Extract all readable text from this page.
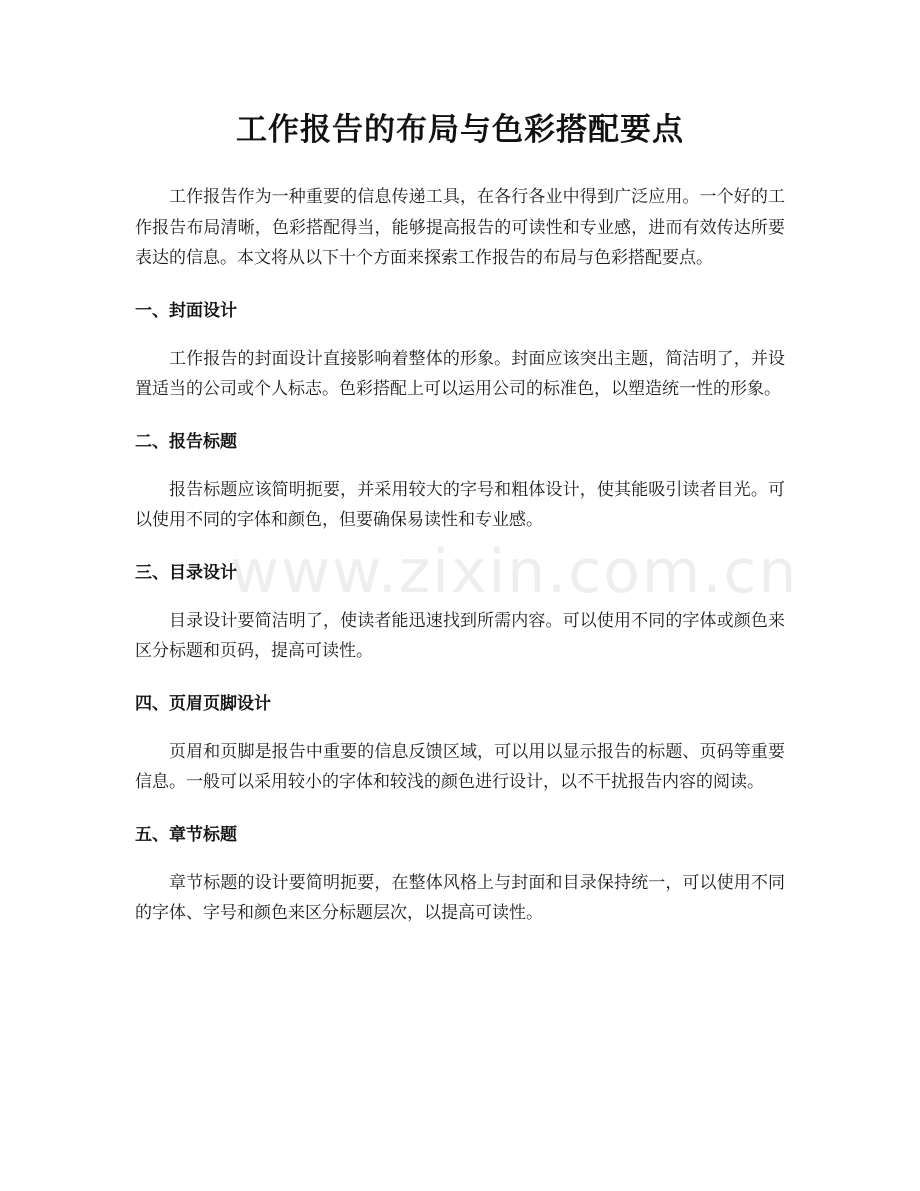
工作报告的布局与色彩搭配要点

工作报告作为一种重要的信息传递工具，在各行各业中得到广泛应用。一个好的工作报告布局清晰，色彩搭配得当，能够提高报告的可读性和专业感，进而有效传达所要表达的信息。本文将从以下十个方面来探索工作报告的布局与色彩搭配要点。

一、封面设计

工作报告的封面设计直接影响着整体的形象。封面应该突出主题，简洁明了，并设置适当的公司或个人标志。色彩搭配上可以运用公司的标准色，以塑造统一性的形象。

二、报告标题

报告标题应该简明扼要，并采用较大的字号和粗体设计，使其能吸引读者目光。可以使用不同的字体和颜色，但要确保易读性和专业感。

三、目录设计

目录设计要简洁明了，使读者能迅速找到所需内容。可以使用不同的字体或颜色来区分标题和页码，提高可读性。

四、页眉页脚设计

页眉和页脚是报告中重要的信息反馈区域，可以用以显示报告的标题、页码等重要信息。一般可以采用较小的字体和较浅的颜色进行设计，以不干扰报告内容的阅读。

五、章节标题

章节标题的设计要简明扼要，在整体风格上与封面和目录保持统一，可以使用不同的字体、字号和颜色来区分标题层次，以提高可读性。

www.zixin.com.cn
